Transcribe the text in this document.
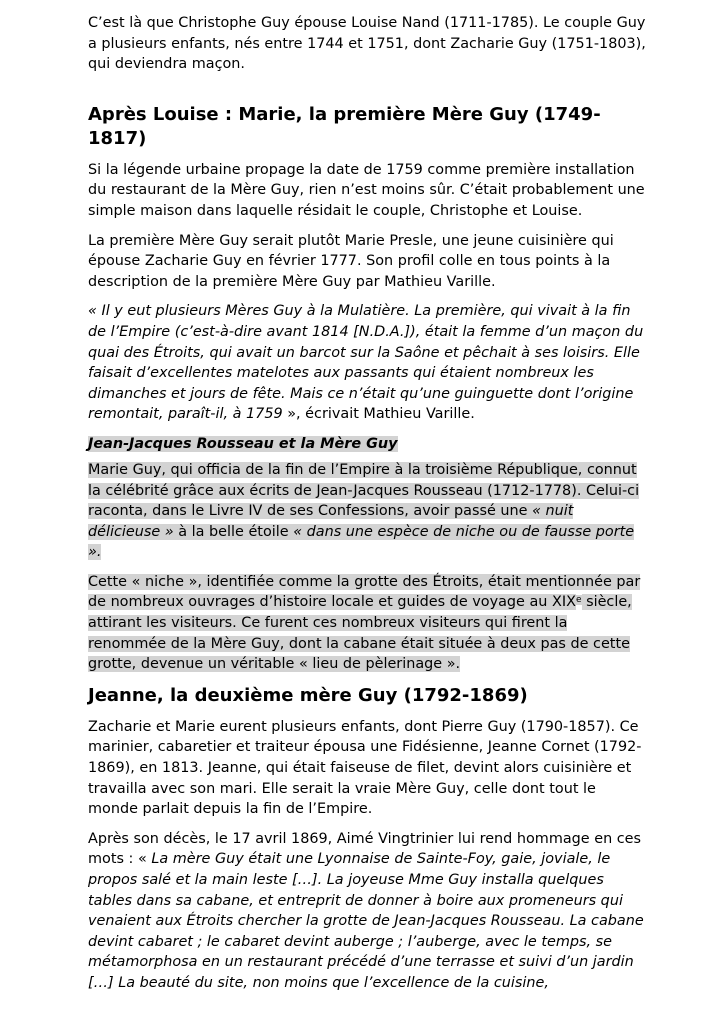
C’est là que Christophe Guy épouse Louise Nand (1711-1785). Le couple Guy a plusieurs enfants, nés entre 1744 et 1751, dont Zacharie Guy (1751-1803), qui deviendra maçon.

Après Louise : Marie, la première Mère Guy (1749-1817)

Si la légende urbaine propage la date de 1759 comme première installation du restaurant de la Mère Guy, rien n’est moins sûr. C’était probablement une simple maison dans laquelle résidait le couple, Christophe et Louise.

La première Mère Guy serait plutôt Marie Presle, une jeune cuisinière qui épouse Zacharie Guy en février 1777. Son profil colle en tous points à la description de la première Mère Guy par Mathieu Varille.

« Il y eut plusieurs Mères Guy à la Mulatière. La première, qui vivait à la fin de l’Empire (c’est-à-dire avant 1814 [N.D.A.]), était la femme d’un maçon du quai des Étroits, qui avait un barcot sur la Saône et pêchait à ses loisirs. Elle faisait d’excellentes matelotes aux passants qui étaient nombreux les dimanches et jours de fête. Mais ce n’était qu’une guinguette dont l’origine remontait, paraît-il, à 1759 », écrivait Mathieu Varille.

Jean-Jacques Rousseau et la Mère Guy

Marie Guy, qui officia de la fin de l’Empire à la troisième République, connut la célébrité grâce aux écrits de Jean-Jacques Rousseau (1712-1778). Celui-ci raconta, dans le Livre IV de ses Confessions, avoir passé une « nuit délicieuse » à la belle étoile « dans une espèce de niche ou de fausse porte ».

Cette « niche », identifiée comme la grotte des Étroits, était mentionnée par de nombreux ouvrages d’histoire locale et guides de voyage au XIXe siècle, attirant les visiteurs. Ce furent ces nombreux visiteurs qui firent la renommée de la Mère Guy, dont la cabane était située à deux pas de cette grotte, devenue un véritable « lieu de pèlerinage ».

Jeanne, la deuxième mère Guy (1792-1869)

Zacharie et Marie eurent plusieurs enfants, dont Pierre Guy (1790-1857). Ce marinier, cabaretier et traiteur épousa une Fidésienne, Jeanne Cornet (1792-1869), en 1813. Jeanne, qui était faiseuse de filet, devint alors cuisinière et travailla avec son mari. Elle serait la vraie Mère Guy, celle dont tout le monde parlait depuis la fin de l’Empire.

Après son décès, le 17 avril 1869, Aimé Vingtrinier lui rend hommage en ces mots : « La mère Guy était une Lyonnaise de Sainte-Foy, gaie, joviale, le propos salé et la main leste […]. La joyeuse Mme Guy installa quelques tables dans sa cabane, et entreprit de donner à boire aux promeneurs qui venaient aux Étroits chercher la grotte de Jean-Jacques Rousseau. La cabane devint cabaret ; le cabaret devint auberge ; l’auberge, avec le temps, se métamorphosa en un restaurant précédé d’une terrasse et suivi d’un jardin […] La beauté du site, non moins que l’excellence de la cuisine,
